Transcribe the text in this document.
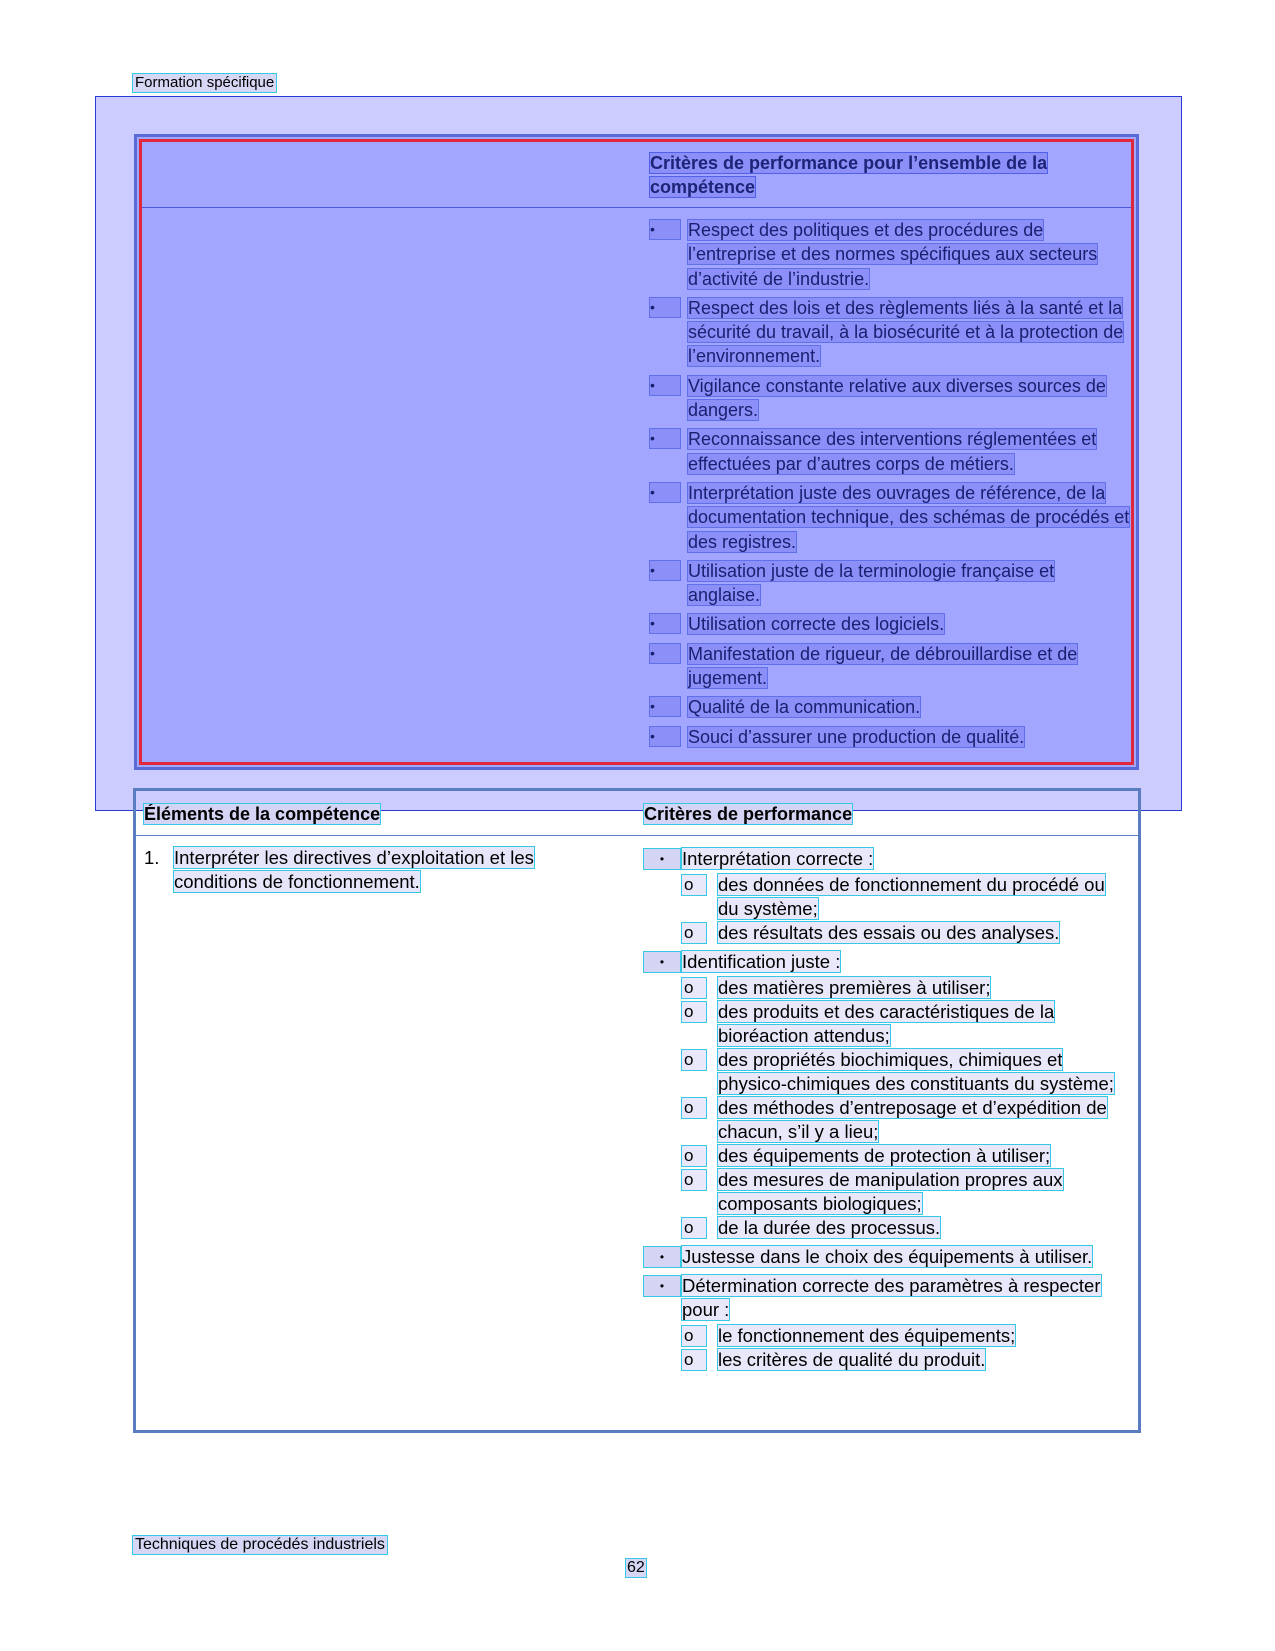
Formation spécifique
Critères de performance pour l’ensemble de la compétence
•	Respect des politiques et des procédures de l’entreprise et des normes spécifiques aux secteurs d’activité de l’industrie.
•	Respect des lois et des règlements liés à la santé et la sécurité du travail, à la biosécurité et à la protection de l’environnement.
•	Vigilance constante relative aux diverses sources de dangers.
•	Reconnaissance des interventions réglementées et effectuées par d’autres corps de métiers.
•	Interprétation juste des ouvrages de référence, de la documentation technique, des schémas de procédés et des registres.
•	Utilisation juste de la terminologie française et anglaise.
•	Utilisation correcte des logiciels.
•	Manifestation de rigueur, de débrouillardise et de jugement.
•	Qualité de la communication.
•	Souci d’assurer une production de qualité.
Éléments de la compétence	Critères de performance
1. Interpréter les directives d’exploitation et les conditions de fonctionnement.
• Interprétation correcte :
o	des données de fonctionnement du procédé ou du système;
o	des résultats des essais ou des analyses.
• Identification juste :
o	des matières premières à utiliser;
o	des produits et des caractéristiques de la bioréaction attendus;
o	des propriétés biochimiques, chimiques et physico-chimiques des constituants du système;
o	des méthodes d’entreposage et d’expédition de chacun, s’il y a lieu;
o	des équipements de protection à utiliser;
o	des mesures de manipulation propres aux composants biologiques;
o	de la durée des processus.
• Justesse dans le choix des équipements à utiliser.
• Détermination correcte des paramètres à respecter pour :
o	le fonctionnement des équipements;
o	les critères de qualité du produit.
Techniques de procédés industriels
62
